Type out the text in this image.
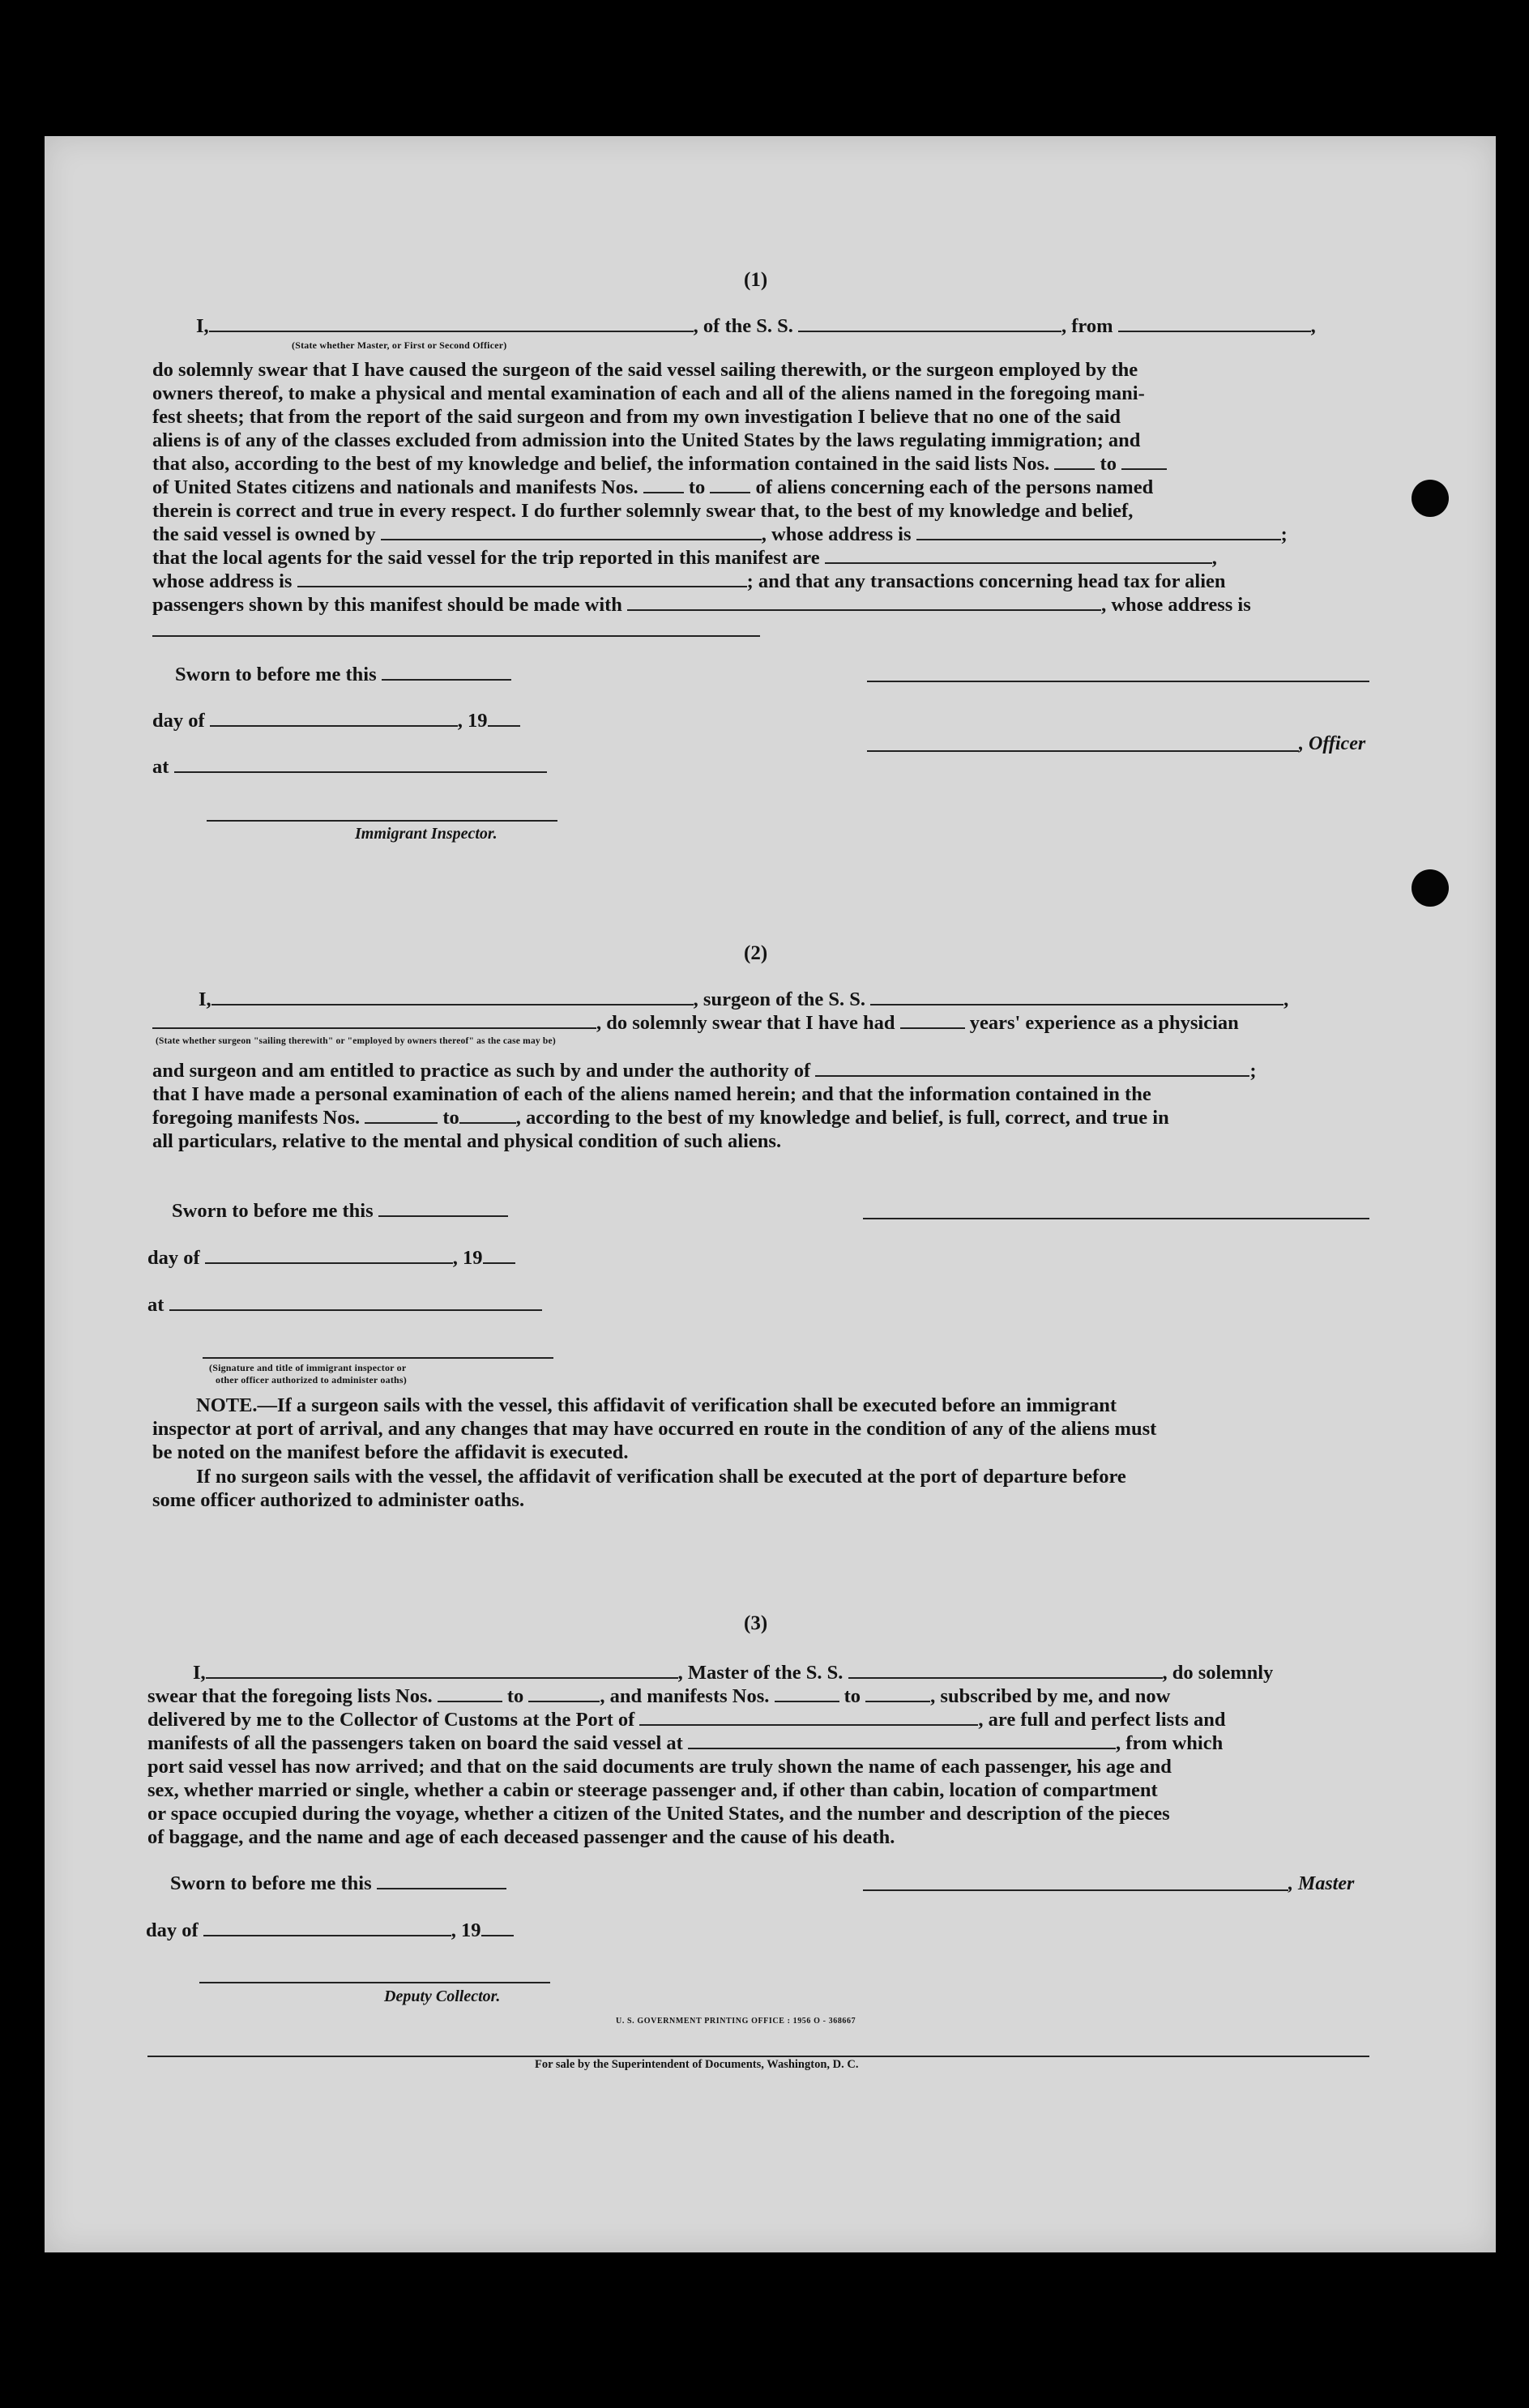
(1)
I,	, of the S. S.	, from	,
(State whether Master, or First or Second Officer)
do solemnly swear that I have caused the surgeon of the said vessel sailing therewith, or the surgeon employed by the
owners thereof, to make a physical and mental examination of each and all of the aliens named in the foregoing mani-
fest sheets; that from the report of the said surgeon and from my own investigation I believe that no one of the said
aliens is of any of the classes excluded from admission into the United States by the laws regulating immigration; and
that also, according to the best of my knowledge and belief, the information contained in the said lists Nos.	to
of United States citizens and nationals and manifests Nos.	to	of aliens concerning each of the persons named
therein is correct and true in every respect. I do further solemnly swear that, to the best of my knowledge and belief,
the said vessel is owned by	, whose address is	;
that the local agents for the said vessel for the trip reported in this manifest are	,
whose address is	; and that any transactions concerning head tax for alien
passengers shown by this manifest should be made with	, whose address is
Sworn to before me this
day of	, 19
, Officer
at
Immigrant Inspector.
(2)
I,	, surgeon of the S. S.	,
, do solemnly swear that I have had	years' experience as a physician
(State whether surgeon "sailing therewith" or "employed by owners thereof" as the case may be)
and surgeon and am entitled to practice as such by and under the authority of	;
that I have made a personal examination of each of the aliens named herein; and that the information contained in the
foregoing manifests Nos.	to	, according to the best of my knowledge and belief, is full, correct, and true in
all particulars, relative to the mental and physical condition of such aliens.
Sworn to before me this
day of	, 19
at
(Signature and title of immigrant inspector or
other officer authorized to administer oaths)
NOTE.—If a surgeon sails with the vessel, this affidavit of verification shall be executed before an immigrant
inspector at port of arrival, and any changes that may have occurred en route in the condition of any of the aliens must
be noted on the manifest before the affidavit is executed.
If no surgeon sails with the vessel, the affidavit of verification shall be executed at the port of departure before
some officer authorized to administer oaths.
(3)
I,	, Master of the S. S.	, do solemnly
swear that the foregoing lists Nos.	to	, and manifests Nos.	to	, subscribed by me, and now
delivered by me to the Collector of Customs at the Port of	, are full and perfect lists and
manifests of all the passengers taken on board the said vessel at	, from which
port said vessel has now arrived; and that on the said documents are truly shown the name of each passenger, his age and
sex, whether married or single, whether a cabin or steerage passenger and, if other than cabin, location of compartment
or space occupied during the voyage, whether a citizen of the United States, and the number and description of the pieces
of baggage, and the name and age of each deceased passenger and the cause of his death.
Sworn to before me this	, Master
day of	, 19
Deputy Collector.
U. S. GOVERNMENT PRINTING OFFICE : 1956 O - 368667
For sale by the Superintendent of Documents, Washington, D. C.
